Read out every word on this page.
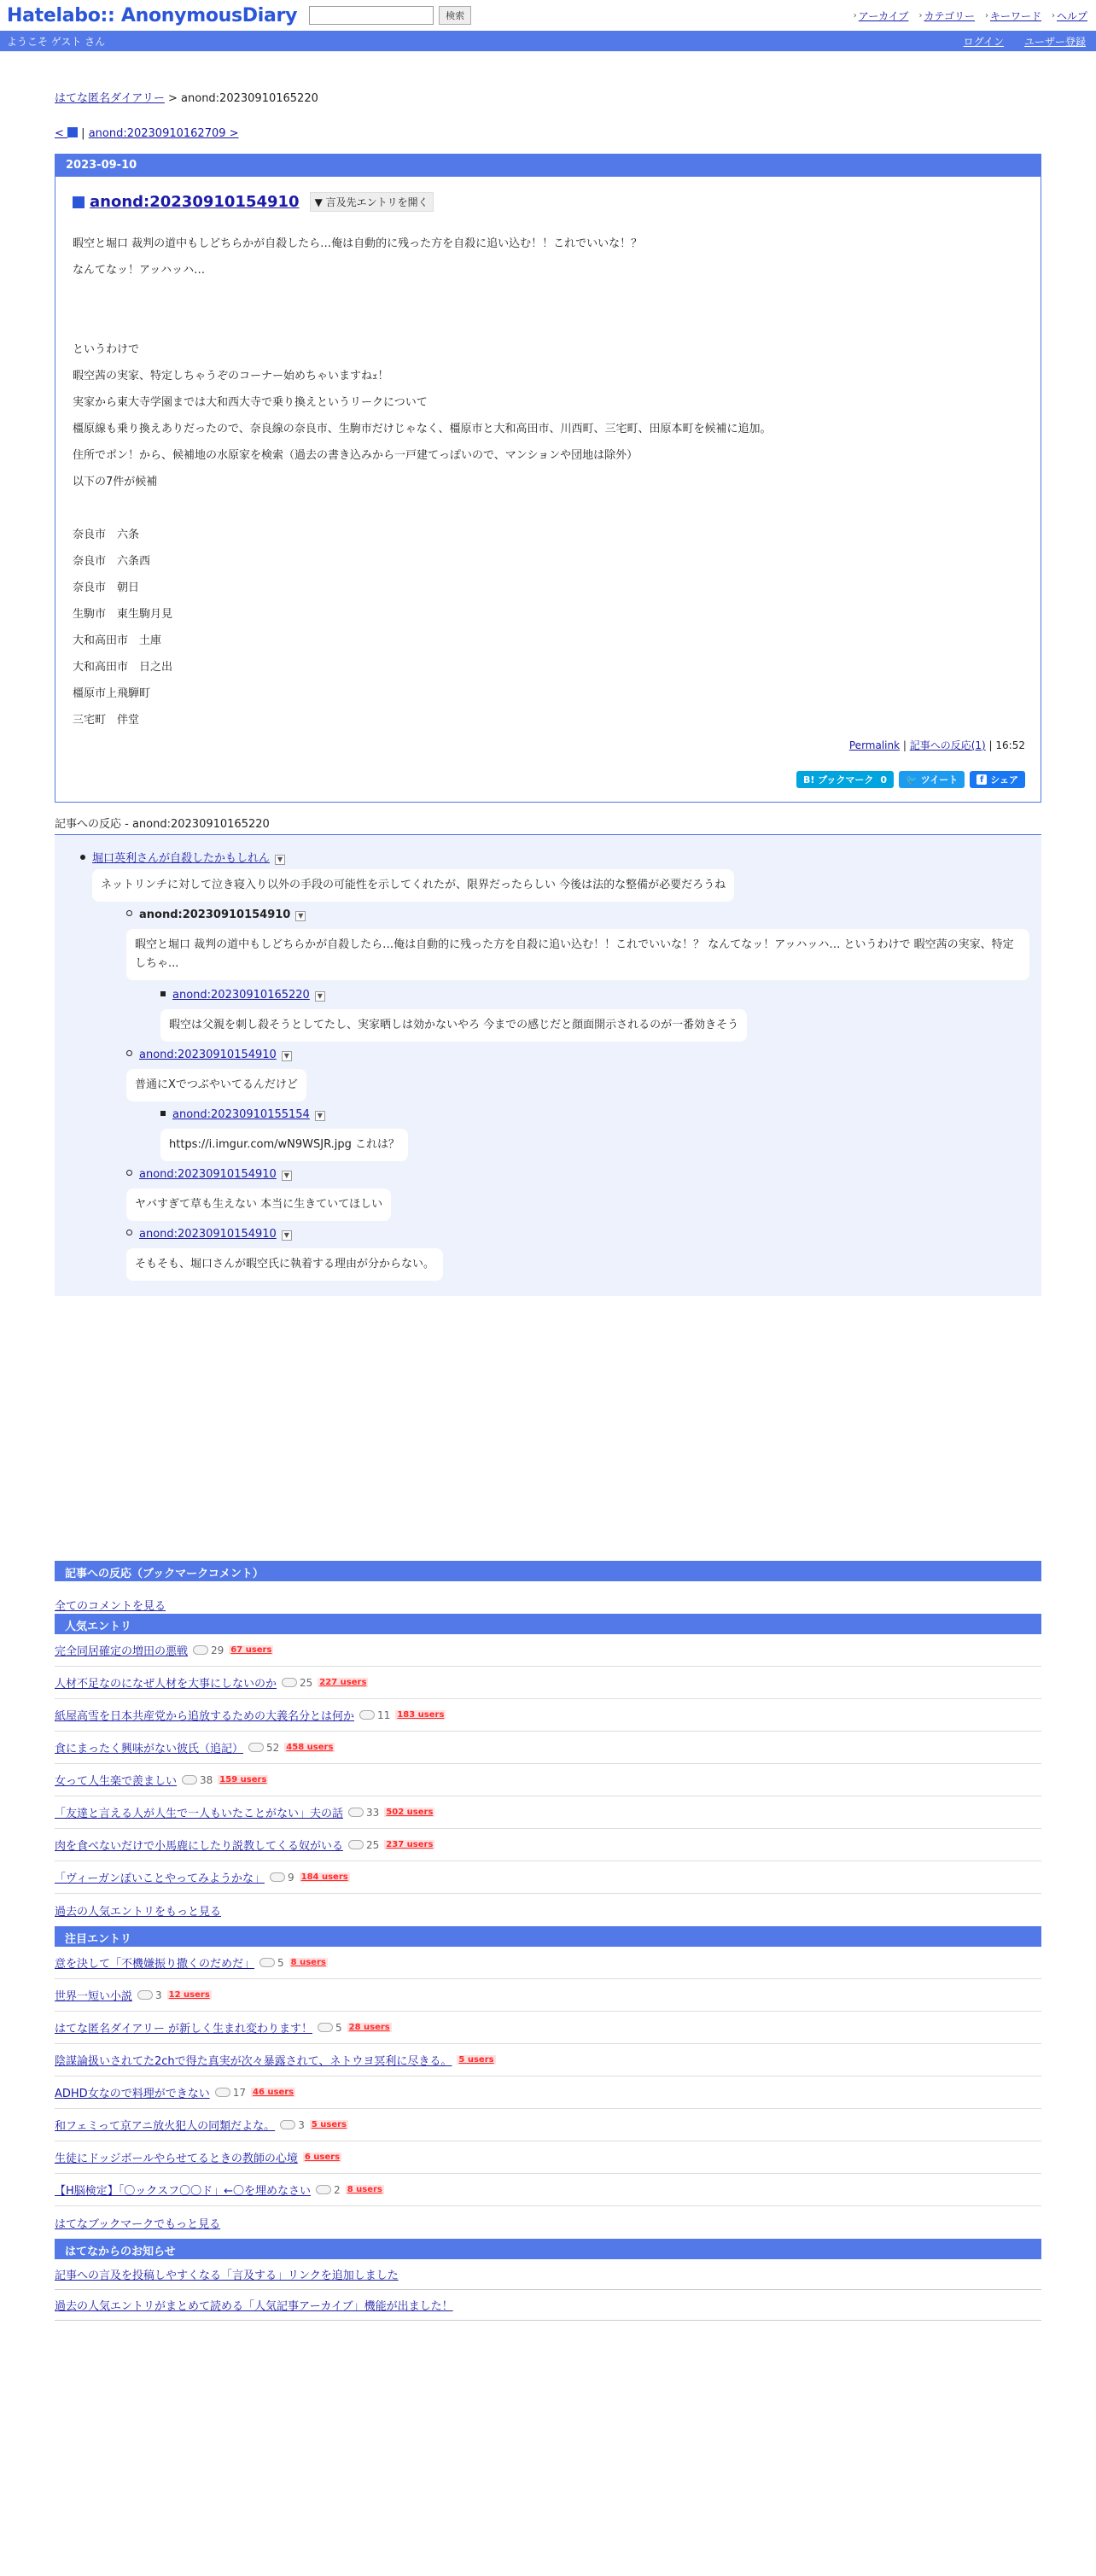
Hatelabo:: AnonymousDiary	検索	› アーカイブ › カテゴリー › キーワード › ヘルプ
ようこそ ゲスト さん	ログイン ユーザー登録
はてな匿名ダイアリー > anond:20230910165220
<  | anond:20230910162709 >
2023-09-10
anond:20230910154910	▼ 言及先エントリを開く
暇空と堀口 裁判の道中もしどちらかが自殺したら…俺は自動的に残った方を自殺に追い込む！！これでいいな！？
なんてなッ！アッハッハ…
というわけで
暇空茜の実家、特定しちゃうぞのコーナー始めちゃいますねｪ！
実家から東大寺学園までは大和西大寺で乗り換えというリークについて
橿原線も乗り換えありだったので、奈良線の奈良市、生駒市だけじゃなく、橿原市と大和高田市、川西町、三宅町、田原本町を候補に追加。
住所でポン！から、候補地の水原家を検索（過去の書き込みから一戸建てっぽいので、マンションや団地は除外）
以下の7件が候補
奈良市　六条
奈良市　六条西
奈良市　朝日
生駒市　東生駒月見
大和高田市　土庫
大和高田市　日之出
橿原市上飛騨町
三宅町　伴堂
Permalink | 記事への反応(1) | 16:52
B! ブックマーク 0 🐦 ツイート	f シェア
記事への反応 - anond:20230910165220
堀口英利さんが自殺したかもしれん ▼
ネットリンチに対して泣き寝入り以外の手段の可能性を示してくれたが、限界だったらしい 今後は法的な整備が必要だろうね
anond:20230910154910 ▼
暇空と堀口 裁判の道中もしどちらかが自殺したら…俺は自動的に残った方を自殺に追い込む！！これでいいな！？ なんてなッ！アッハッハ… というわけで 暇空茜の実家、特定しちゃ...
anond:20230910165220 ▼
暇空は父親を刺し殺そうとしてたし、実家晒しは効かないやろ 今までの感じだと顔面開示されるのが一番効きそう
anond:20230910154910 ▼
普通にXでつぶやいてるんだけど
anond:20230910155154 ▼
https://i.imgur.com/wN9WSJR.jpg これは？
anond:20230910154910 ▼
ヤバすぎて草も生えない 本当に生きていてほしい
anond:20230910154910 ▼
そもそも、堀口さんが暇空氏に執着する理由が分からない。
記事への反応（ブックマークコメント）
全てのコメントを見る
人気エントリ
完全同居確定の増田の悪戦 29 67 users
人材不足なのになぜ人材を大事にしないのか 25 227 users
紙屋高雪を日本共産党から追放するための大義名分とは何か 11 183 users
食にまったく興味がない彼氏（追記） 52 458 users
女って人生楽で羨ましい 38 159 users
「友達と言える人が人生で一人もいたことがない」夫の話 33 502 users
肉を食べないだけで小馬鹿にしたり説教してくる奴がいる 25 237 users
「ヴィーガンぽいことやってみようかな」 9 184 users
過去の人気エントリをもっと見る
注目エントリ
意を決して「不機嫌振り撒くのだめだ」 5 8 users
世界一短い小説 3 12 users
はてな匿名ダイアリー が新しく生まれ変わります！ 5 28 users
陰謀論扱いされてた2chで得た真実が次々暴露されて、ネトウヨ冥利に尽きる。 5 users
ADHD女なので料理ができない 17 46 users
和フェミって京アニ放火犯人の同類だよな。 3 5 users
生徒にドッジボールやらせてるときの教師の心境 6 users
【H脳検定】「〇ックスフ〇〇ド」←〇を埋めなさい 2 8 users
はてなブックマークでもっと見る
はてなからのお知らせ
記事への言及を投稿しやすくなる「言及する」リンクを追加しました
過去の人気エントリがまとめて読める「人気記事アーカイブ」機能が出ました！
